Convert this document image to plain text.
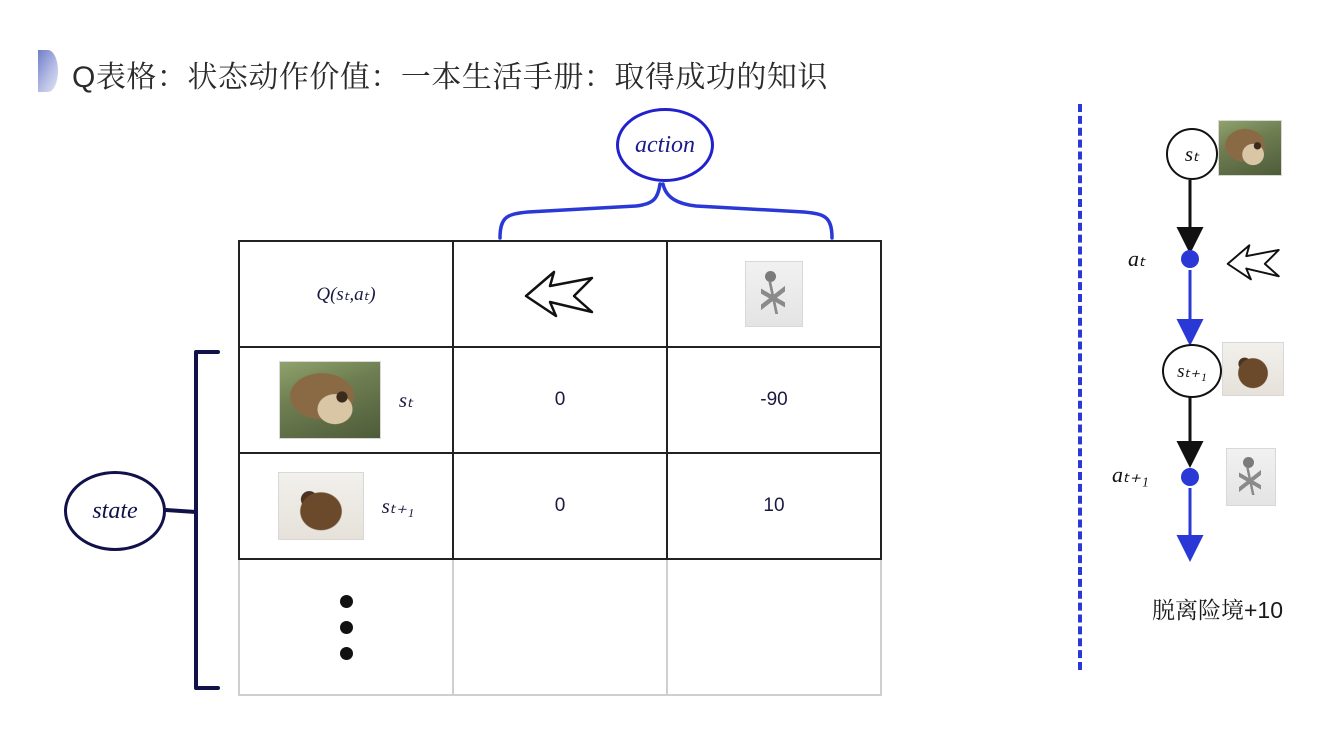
Q表格：状态动作价值：一本生活手册：取得成功的知识
action
state
Q(sₜ,aₜ)		

sₜ	0	-90

sₜ₊₁	0	10

sₜ
aₜ
sₜ₊₁
aₜ₊₁
脱离险境+10
